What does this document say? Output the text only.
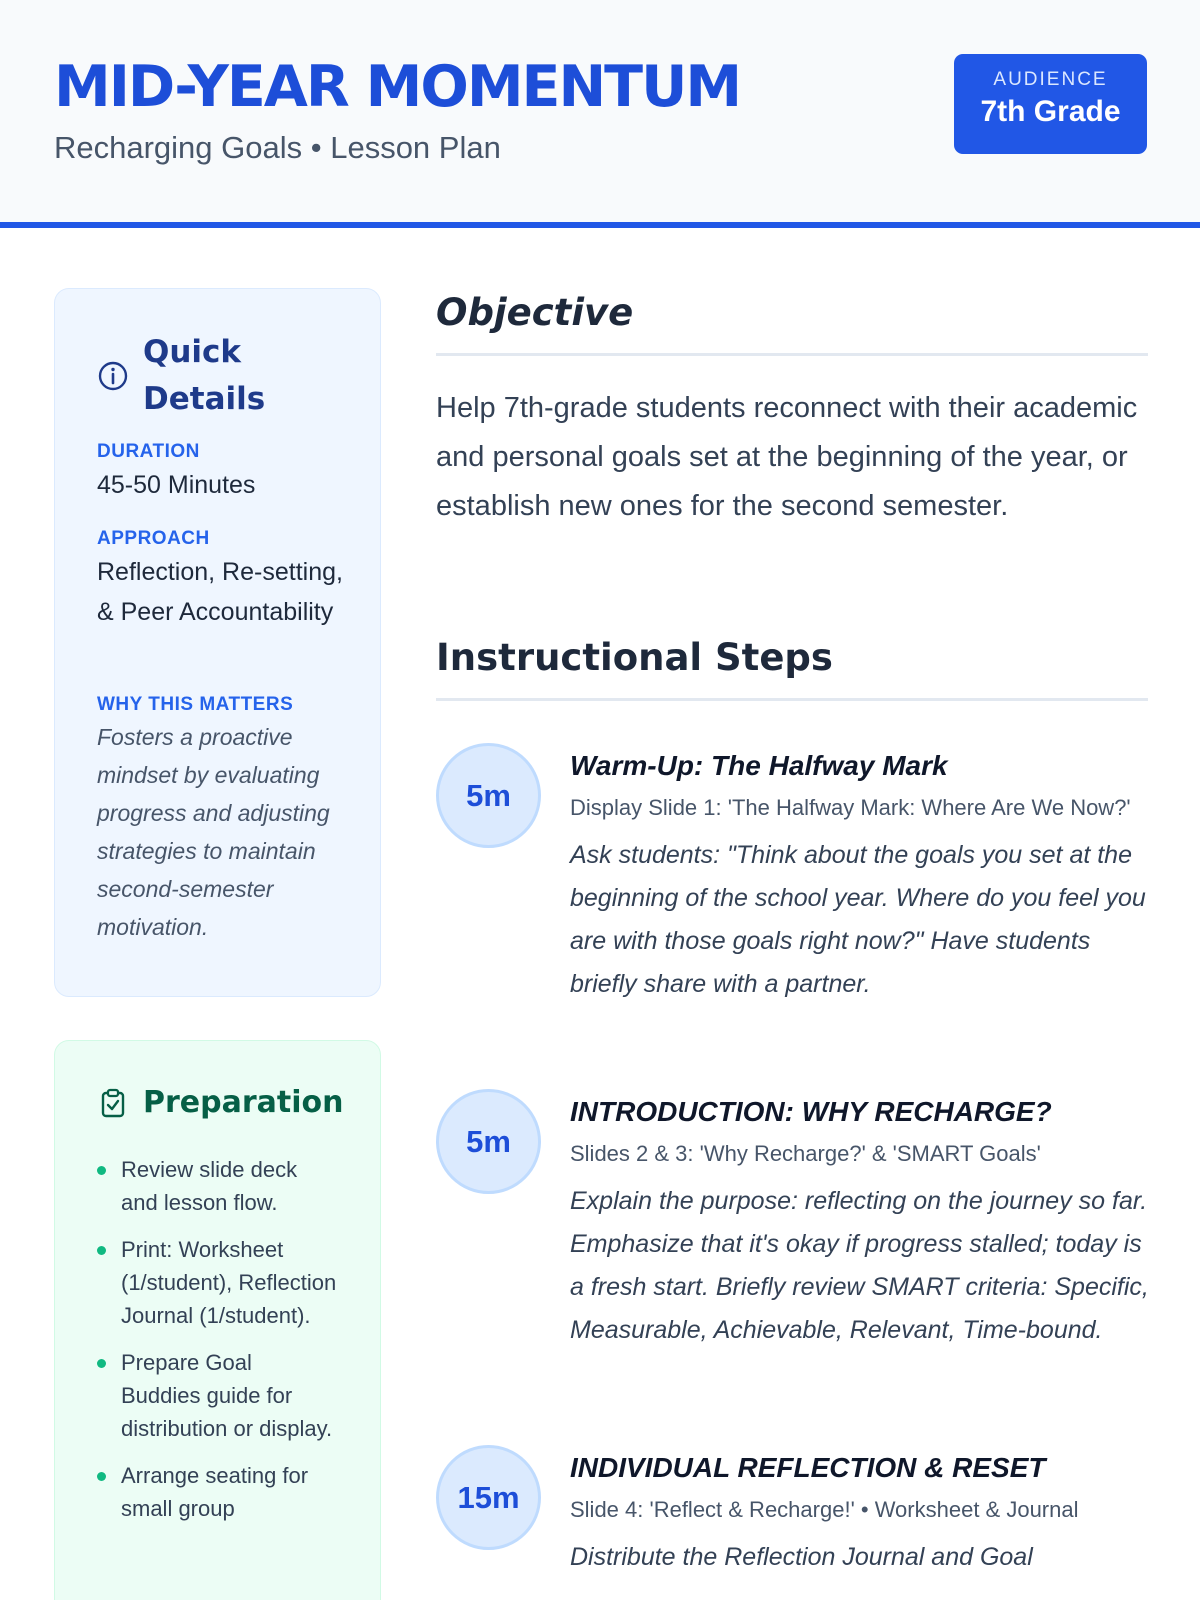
MID-YEAR MOMENTUM
Recharging Goals • Lesson Plan
AUDIENCE
7th Grade
Quick Details
DURATION
45-50 Minutes
APPROACH
Reflection, Re-setting, & Peer Accountability
WHY THIS MATTERS
Fosters a proactive mindset by evaluating progress and adjusting strategies to maintain second-semester motivation.
Preparation
Review slide deck and lesson flow.
Print: Worksheet (1/student), Reflection Journal (1/student).
Prepare Goal Buddies guide for distribution or display.
Arrange seating for small group
Objective
Help 7th-grade students reconnect with their academic and personal goals set at the beginning of the year, or establish new ones for the second semester.
Instructional Steps
5m
Warm-Up: The Halfway Mark
Display Slide 1: 'The Halfway Mark: Where Are We Now?'
Ask students: "Think about the goals you set at the beginning of the school year. Where do you feel you are with those goals right now?" Have students briefly share with a partner.
5m
INTRODUCTION: WHY RECHARGE?
Slides 2 & 3: 'Why Recharge?' & 'SMART Goals'
Explain the purpose: reflecting on the journey so far. Emphasize that it's okay if progress stalled; today is a fresh start. Briefly review SMART criteria: Specific, Measurable, Achievable, Relevant, Time-bound.
15m
INDIVIDUAL REFLECTION & RESET
Slide 4: 'Reflect & Recharge!' • Worksheet & Journal
Distribute the Reflection Journal and Goal
